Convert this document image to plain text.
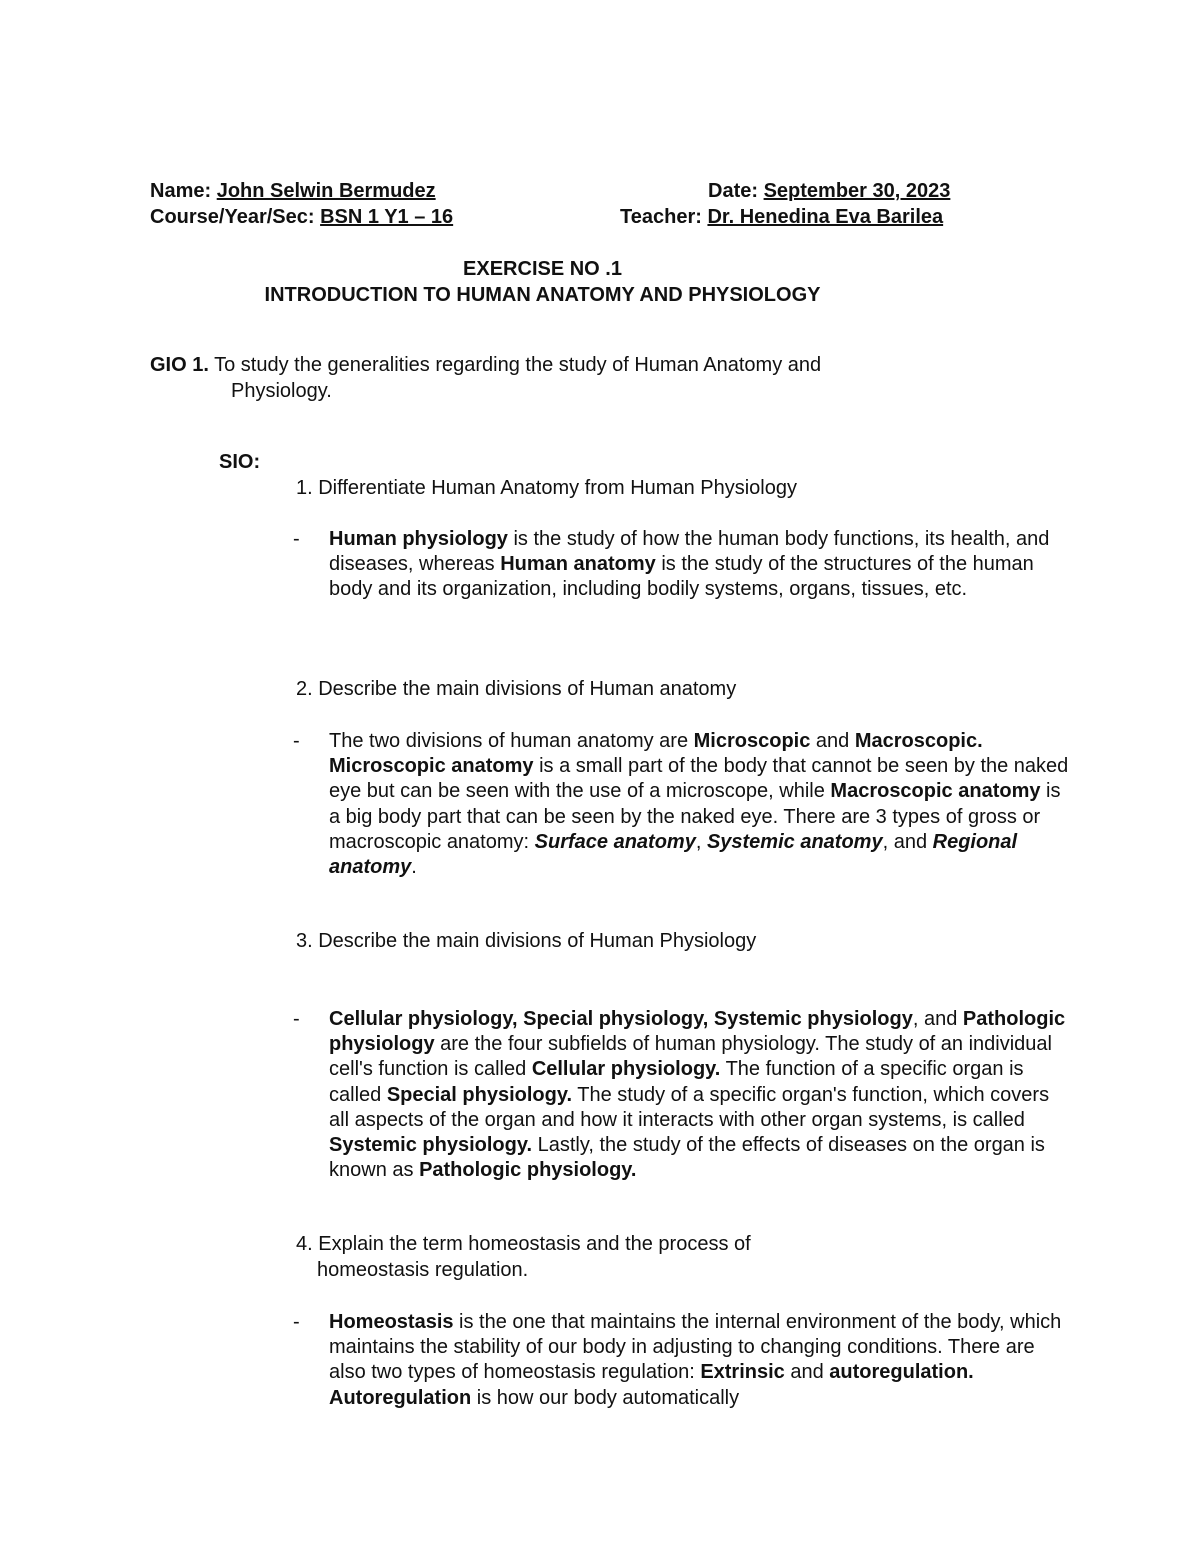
Name: John Selwin Bermudez	Date: September 30, 2023
Course/Year/Sec: BSN 1 Y1 – 16	Teacher: Dr. Henedina Eva Barilea
EXERCISE NO .1
INTRODUCTION TO HUMAN ANATOMY AND PHYSIOLOGY
GIO 1. To study the generalities regarding the study of Human Anatomy and
Physiology.
SIO:
1. Differentiate Human Anatomy from Human Physiology
- Human physiology is the study of how the human body functions, its health, and diseases, whereas Human anatomy is the study of the structures of the human body and its organization, including bodily systems, organs, tissues, etc.
2. Describe the main divisions of Human anatomy
- The two divisions of human anatomy are Microscopic and Macroscopic. Microscopic anatomy is a small part of the body that cannot be seen by the naked eye but can be seen with the use of a microscope, while Macroscopic anatomy is a big body part that can be seen by the naked eye. There are 3 types of gross or macroscopic anatomy: Surface anatomy, Systemic anatomy, and Regional anatomy.
3. Describe the main divisions of Human Physiology
- Cellular physiology, Special physiology, Systemic physiology, and Pathologic physiology are the four subfields of human physiology. The study of an individual cell's function is called Cellular physiology. The function of a specific organ is called Special physiology. The study of a specific organ's function, which covers all aspects of the organ and how it interacts with other organ systems, is called Systemic physiology. Lastly, the study of the effects of diseases on the organ is known as Pathologic physiology.
4. Explain the term homeostasis and the process of
homeostasis regulation.
- Homeostasis is the one that maintains the internal environment of the body, which maintains the stability of our body in adjusting to changing conditions. There are also two types of homeostasis regulation: Extrinsic and autoregulation. Autoregulation is how our body automatically
